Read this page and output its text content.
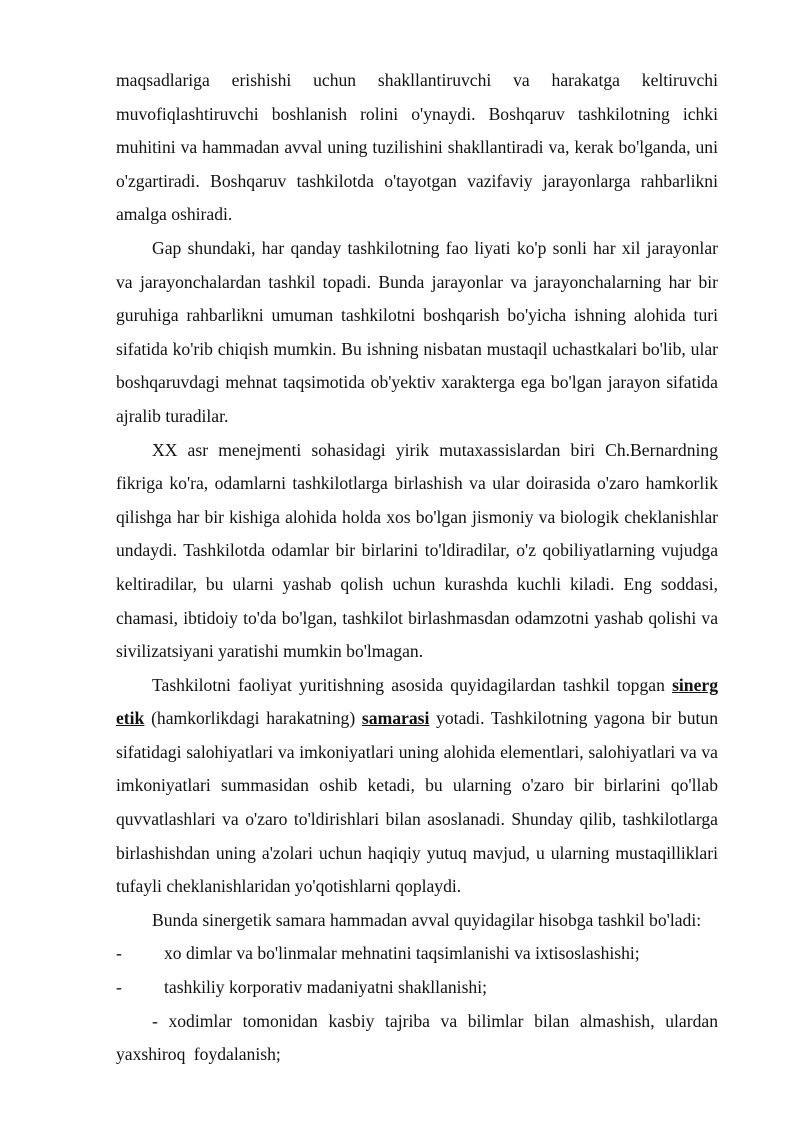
maqsadlariga erishishi uchun shakllantiruvchi va harakatga keltiruvchi muvofiqlashtiruvchi boshlanish rolini o'ynaydi. Boshqaruv tashkilotning ichki muhitini va hammadan avval uning tuzilishini shakllantiradi va, kerak bo'lganda, uni o'zgartiradi. Boshqaruv tashkilotda o'tayotgan vazifaviy jarayonlarga rahbarlikni amalga oshiradi.

Gap shundaki, har qanday tashkilotning fao liyati ko'p sonli har xil jarayonlar va jarayonchalardan tashkil topadi. Bunda jarayonlar va jarayonchalarning har bir guruhiga rahbarlikni umuman tashkilotni boshqarish bo'yicha ishning alohida turi sifatida ko'rib chiqish mumkin. Bu ishning nisbatan mustaqil uchastkalari bo'lib, ular boshqaruvdagi mehnat taqsimotida ob'yektiv xarakterga ega bo'lgan jarayon sifatida ajralib turadilar.

XX asr menejmenti sohasidagi yirik mutaxassislardan biri Ch.Bernardning fikriga ko'ra, odamlarni tashkilotlarga birlashish va ular doirasida o'zaro hamkorlik qilishga har bir kishiga alohida holda xos bo'lgan jismoniy va biologik cheklanishlar undaydi. Tashkilotda odamlar bir birlarini to'ldiradilar, o'z qobiliyatlarning vujudga keltiradilar, bu ularni yashab qolish uchun kurashda kuchli kiladi. Eng soddasi, chamasi, ibtidoiy to'da bo'lgan, tashkilot birlashmasdan odamzotni yashab qolishi va sivilizatsiyani yaratishi mumkin bo'lmagan.

Tashkilotni faoliyat yuritishning asosida quyidagilardan tashkil topgan sinerg etik (hamkorlikdagi harakatning) samarasi yotadi. Tashkilotning yagona bir butun sifatidagi salohiyatlari va imkoniyatlari uning alohida elementlari, salohiyatlari va va imkoniyatlari summasidan oshib ketadi, bu ularning o'zaro bir birlarini qo'llab quvvatlashlari va o'zaro to'ldirishlari bilan asoslanadi. Shunday qilib, tashkilotlarga birlashishdan uning a'zolari uchun haqiqiy yutuq mavjud, u ularning mustaqilliklari tufayli cheklanishlaridan yo'qotishlarni qoplaydi.

Bunda sinergetik samara hammadan avval quyidagilar hisobga tashkil bo'ladi:

-	xo dimlar va bo'linmalar mehnatini taqsimlanishi va ixtisoslashishi;
-	tashkiliy korporativ madaniyatni shakllanishi;

- xodimlar tomonidan kasbiy tajriba va bilimlar bilan almashish, ulardan yaxshiroq foydalanish;
